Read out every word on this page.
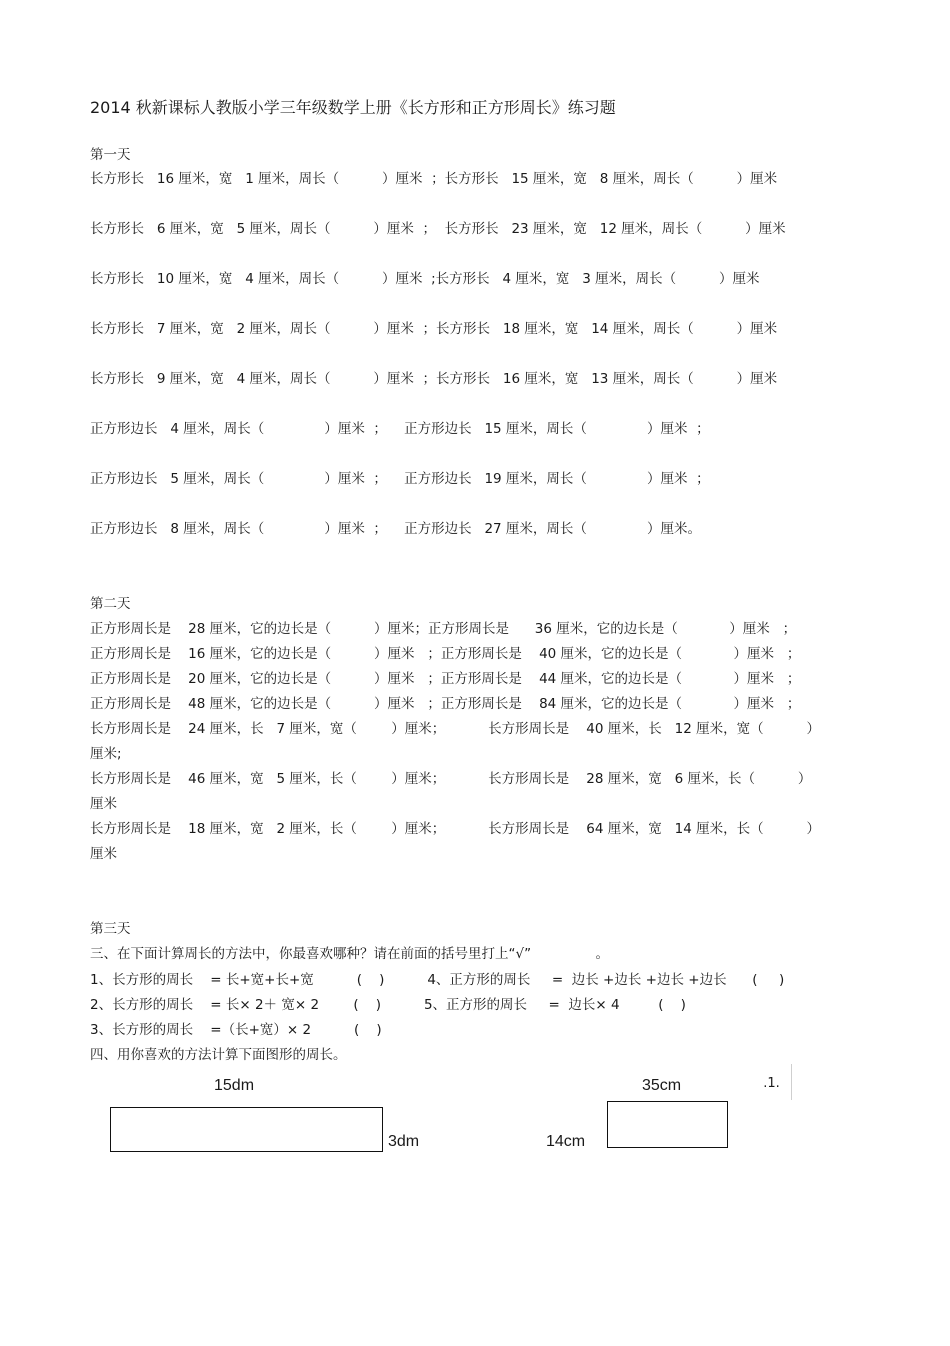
2014 秋新课标人教版小学三年级数学上册《长方形和正方形周长》练习题
第一天
长方形长   16 厘米，宽   1 厘米，周长（          ）厘米  ；长方形长   15 厘米，宽   8 厘米，周长（          ）厘米
长方形长   6 厘米，宽   5 厘米，周长（          ）厘米  ；  长方形长   23 厘米，宽   12 厘米，周长（          ）厘米
长方形长   10 厘米，宽   4 厘米，周长（          ）厘米  ;长方形长   4 厘米，宽   3 厘米，周长（          ）厘米
长方形长   7 厘米，宽   2 厘米，周长（          ）厘米  ；长方形长   18 厘米，宽   14 厘米，周长（          ）厘米
长方形长   9 厘米，宽   4 厘米，周长（          ）厘米  ；长方形长   16 厘米，宽   13 厘米，周长（          ）厘米
正方形边长   4 厘米，周长（              ）厘米  ；    正方形边长   15 厘米，周长（              ）厘米  ；
正方形边长   5 厘米，周长（              ）厘米  ；    正方形边长   19 厘米，周长（              ）厘米  ；
正方形边长   8 厘米，周长（              ）厘米  ；    正方形边长   27 厘米，周长（              ）厘米。
第二天
正方形周长是    28 厘米，它的边长是（          ）厘米；正方形周长是      36 厘米，它的边长是（            ）厘米   ；
正方形周长是    16 厘米，它的边长是（          ）厘米   ；正方形周长是    40 厘米，它的边长是（            ）厘米   ；
正方形周长是    20 厘米，它的边长是（          ）厘米   ；正方形周长是    44 厘米，它的边长是（            ）厘米   ；
正方形周长是    48 厘米，它的边长是（          ）厘米   ；正方形周长是    84 厘米，它的边长是（            ）厘米   ；
长方形周长是    24 厘米，长   7 厘米，宽（        ）厘米；          长方形周长是    40 厘米，长   12 厘米，宽（          ）
厘米;
长方形周长是    46 厘米，宽   5 厘米，长（        ）厘米；          长方形周长是    28 厘米，宽   6 厘米，长（          ）
厘米
长方形周长是    18 厘米，宽   2 厘米，长（        ）厘米；          长方形周长是    64 厘米，宽   14 厘米，长（          ）
厘米
第三天
三、在下面计算周长的方法中，你最喜欢哪种？请在前面的括号里打上“√”               。
1、长方形的周长    = 长+宽+长+宽          (    )          4、正方形的周长     =  边长 +边长 +边长 +边长      (     )
2、长方形的周长    = 长× 2＋ 宽× 2        (    )          5、正方形的周长     =  边长× 4         (    )
3、长方形的周长    =（长+宽）× 2          (    )
四、用你喜欢的方法计算下面图形的周长。
15dm
3dm
35cm
14cm
.1.
